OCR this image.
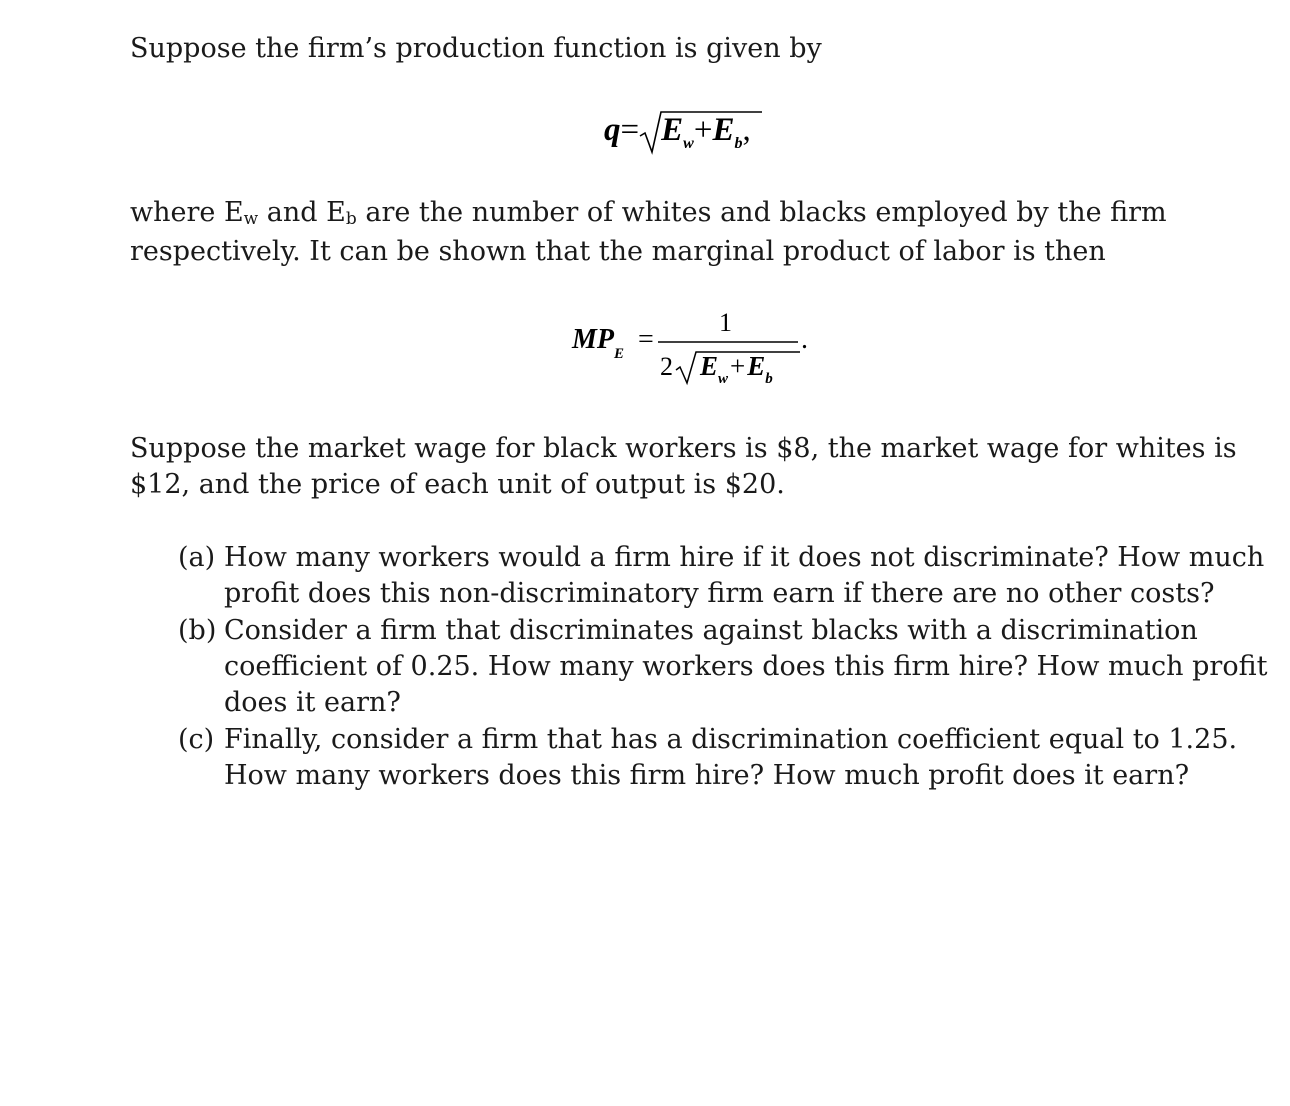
Suppose the firm’s production function is given by

$q= E_w+E_b$,

where Ew and Eb are the number of whites and blacks employed by the firm
respectively. It can be shown that the marginal product of labor is then

$MP_E$ =
1
2 $E_w+E_b$
.

Suppose the market wage for black workers is $8, the market wage for whites is
$12, and the price of each unit of output is $20.

(a) How many workers would a firm hire if it does not discriminate? How much
profit does this non-discriminatory firm earn if there are no other costs?
(b) Consider a firm that discriminates against blacks with a discrimination
coefficient of 0.25. How many workers does this firm hire? How much profit
does it earn?
(c) Finally, consider a firm that has a discrimination coefficient equal to 1.25.
How many workers does this firm hire? How much profit does it earn?
